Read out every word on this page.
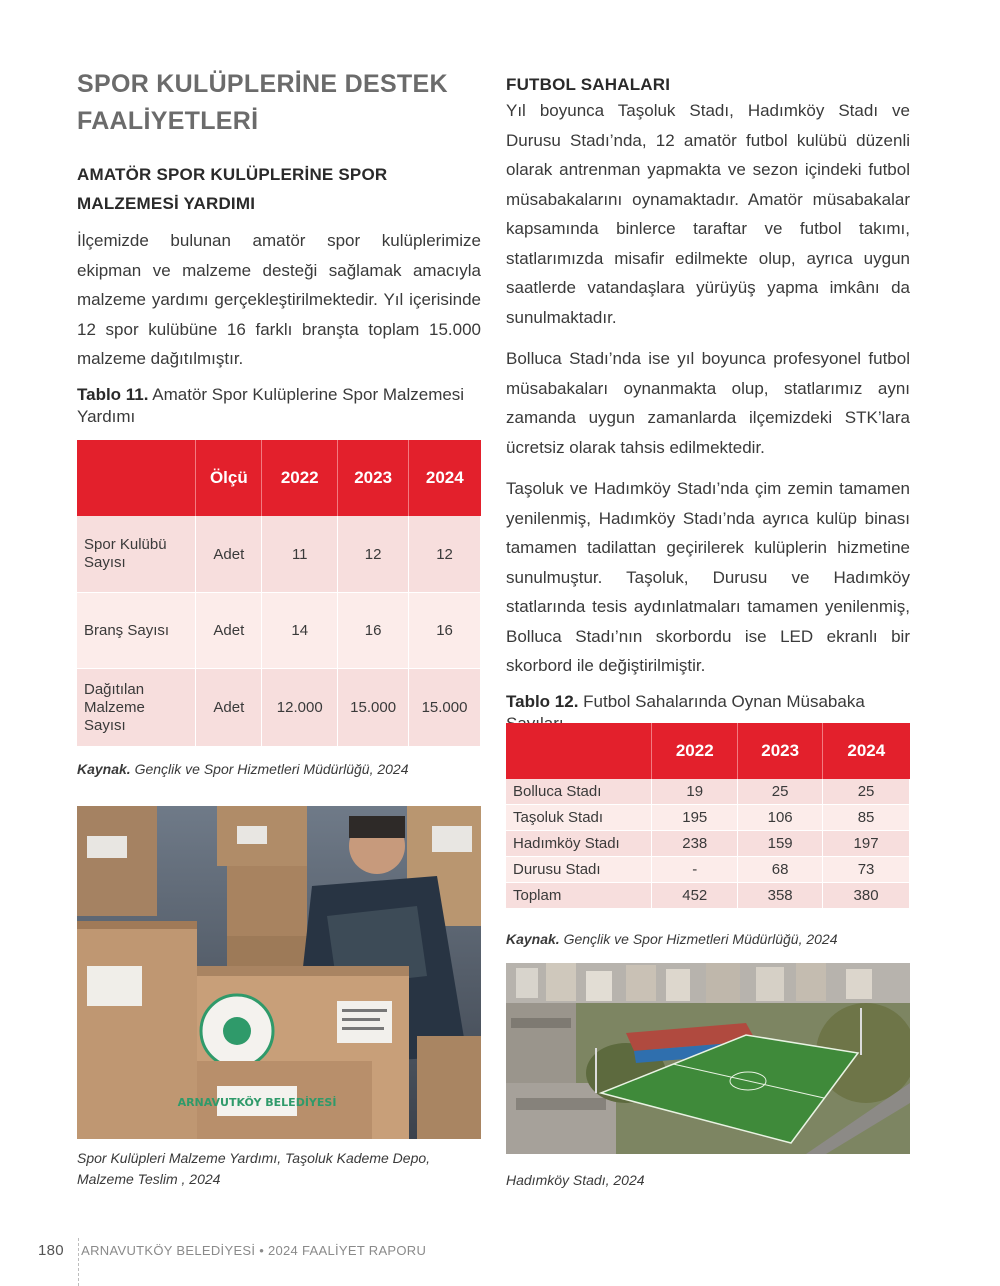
SPOR KULÜPLERİNE DESTEK FAALİYETLERİ
AMATÖR SPOR KULÜPLERİNE SPOR MALZEMESİ YARDIMI

İlçemizde bulunan amatör spor kulüplerimize ekipman ve malzeme desteği sağlamak amacıyla malzeme yardımı gerçekleştirilmektedir. Yıl içerisinde 12 spor kulübüne 16 farklı branşta toplam 15.000 malzeme dağıtılmıştır.

Tablo 11. Amatör Spor Kulüplerine Spor Malzemesi Yardımı

	Ölçü	2022	2023	2024
Spor Kulübü Sayısı	Adet	11	12	12
Branş Sayısı	Adet	14	16	16
Dağıtılan Malzeme Sayısı	Adet	12.000	15.000	15.000
Kaynak. Gençlik ve Spor Hizmetleri Müdürlüğü, 2024
ARNAVUTKÖY BELEDİYESİ
Spor Kulüpleri Malzeme Yardımı, Taşoluk Kademe Depo, Malzeme Teslim , 2024
FUTBOL SAHALARI

Yıl boyunca Taşoluk Stadı, Hadımköy Stadı ve Durusu Stadı’nda, 12 amatör futbol kulübü düzenli olarak antrenman yapmakta ve sezon içindeki futbol müsabakalarını oynamaktadır. Amatör müsabakalar kapsamında binlerce taraftar ve futbol takımı, statlarımızda misafir edilmekte olup, ayrıca uygun saatlerde vatandaşlara yürüyüş yapma imkânı da sunulmaktadır.

Bolluca Stadı’nda ise yıl boyunca profesyonel futbol müsabakaları oynanmakta olup, statlarımız aynı zamanda uygun zamanlarda ilçemizdeki STK’lara ücretsiz olarak tahsis edilmektedir.

Taşoluk ve Hadımköy Stadı’nda çim zemin tamamen yenilenmiş, Hadımköy Stadı’nda ayrıca kulüp binası tamamen tadilattan geçirilerek kulüplerin hizmetine sunulmuştur. Taşoluk, Durusu ve Hadımköy statlarında tesis aydınlatmaları tamamen yenilenmiş, Bolluca Stadı’nın skorbordu ise LED ekranlı bir skorbord ile değiştirilmiştir.

Tablo 12. Futbol Sahalarında Oynan Müsabaka

	2022	2023	2024
Bolluca Stadı	19	25	25
Taşoluk Stadı	195	106	85
Hadımköy Stadı	238	159	197
Durusu Stadı	-	68	73
Toplam	452	358	380
Kaynak. Gençlik ve Spor Hizmetleri Müdürlüğü, 2024
Hadımköy Stadı, 2024
180 ARNAVUTKÖY BELEDİYESİ • 2024 FAALİYET RAPORU
